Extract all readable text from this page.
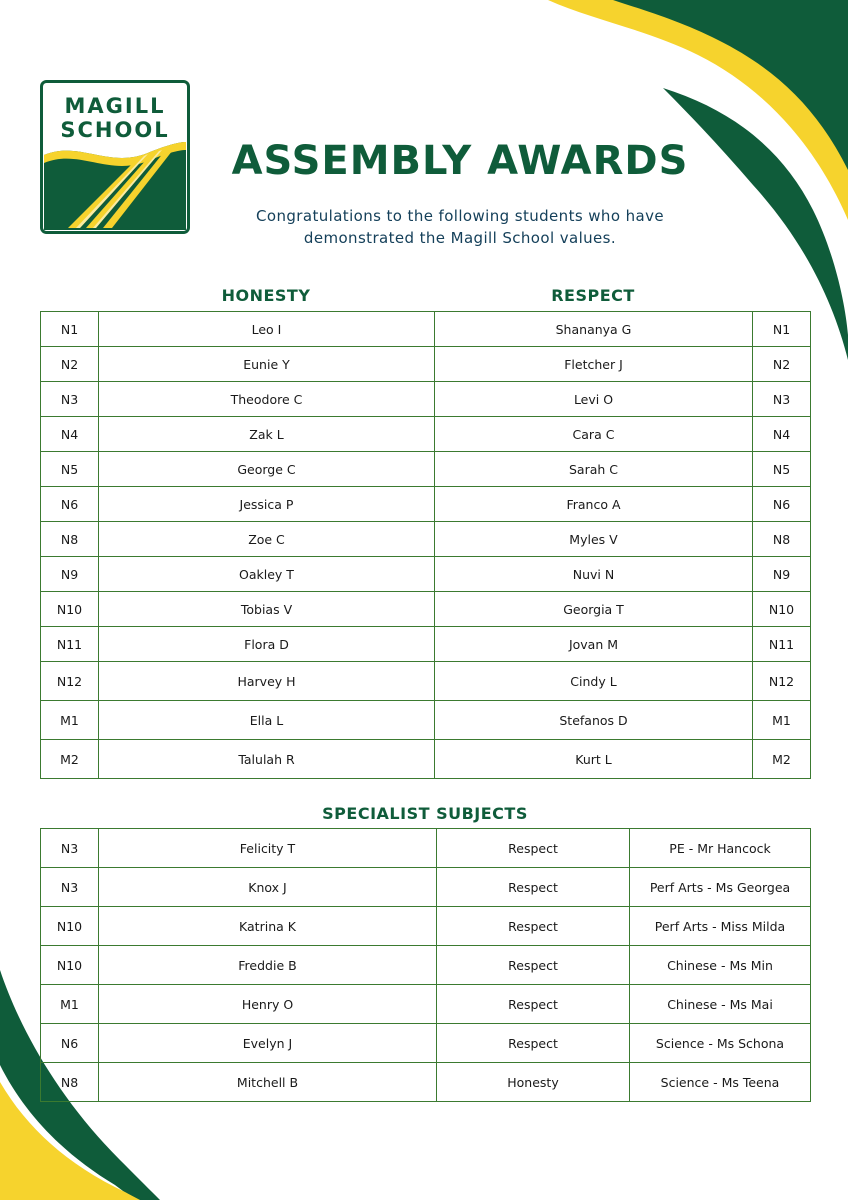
MAGILL
SCHOOL
ASSEMBLY AWARDS

Congratulations to the following students who have
demonstrated the Magill School values.

HONESTY	RESPECT
N1	Leo I	Shananya G	N1
N2	Eunie Y	Fletcher J	N2
N3	Theodore C	Levi O	N3
N4	Zak L	Cara C	N4
N5	George C	Sarah C	N5
N6	Jessica P	Franco A	N6
N8	Zoe C	Myles V	N8
N9	Oakley T	Nuvi N	N9
N10	Tobias V	Georgia T	N10
N11	Flora D	Jovan M	N11
N12	Harvey H	Cindy L	N12
M1	Ella L	Stefanos D	M1
M2	Talulah R	Kurt L	M2
SPECIALIST SUBJECTS
N3	Felicity T	Respect	PE - Mr Hancock
N3	Knox J	Respect	Perf Arts - Ms Georgea
N10	Katrina K	Respect	Perf Arts - Miss Milda
N10	Freddie B	Respect	Chinese - Ms Min
M1	Henry O	Respect	Chinese - Ms Mai
N6	Evelyn J	Respect	Science - Ms Schona
N8	Mitchell B	Honesty	Science - Ms Teena
